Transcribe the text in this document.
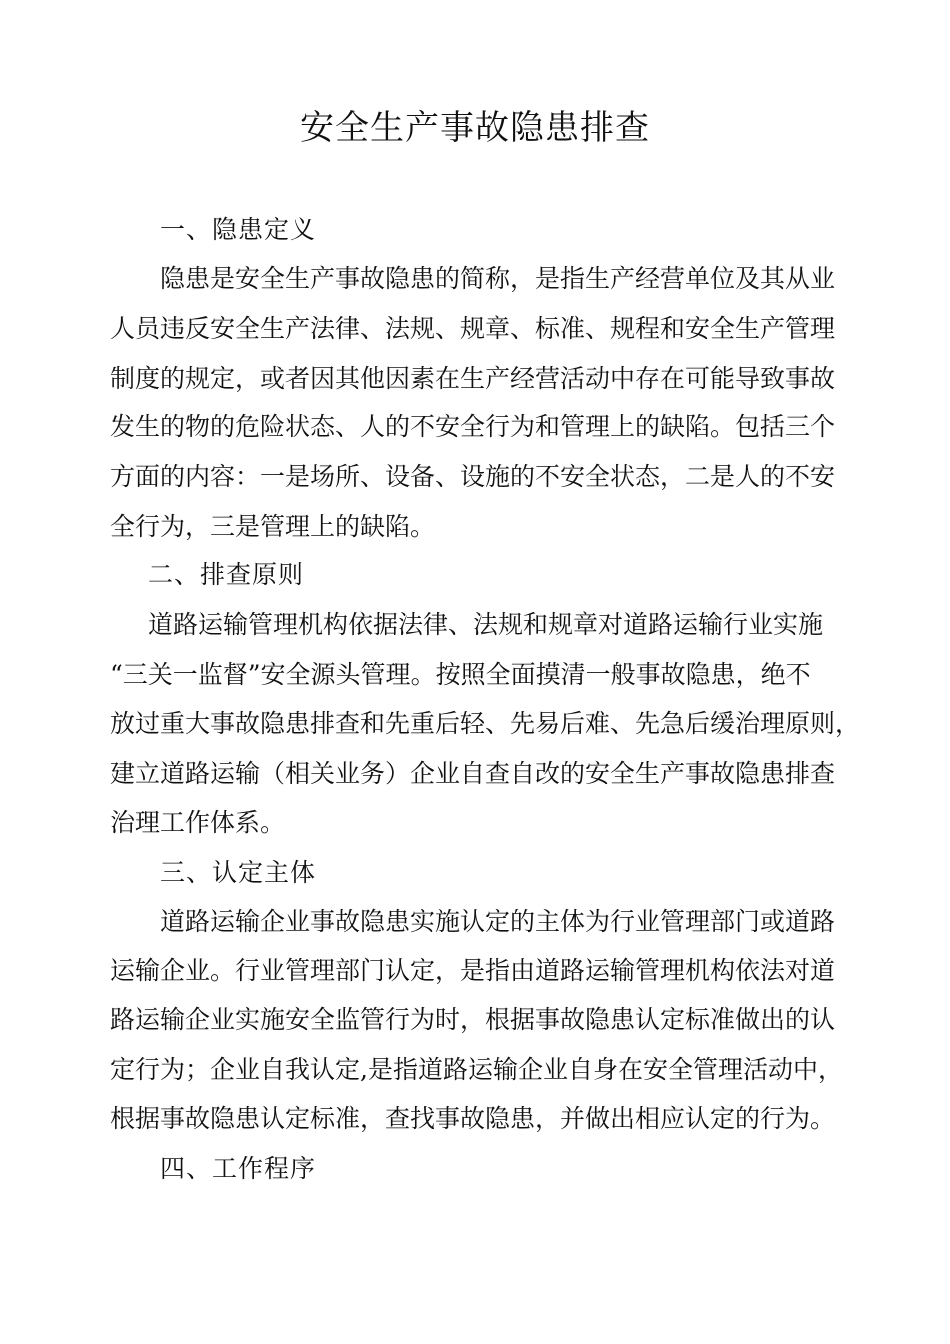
安全生产事故隐患排查
一、隐患定义
隐患是安全生产事故隐患的简称，是指生产经营单位及其从业
人员违反安全生产法律、法规、规章、标准、规程和安全生产管理
制度的规定，或者因其他因素在生产经营活动中存在可能导致事故
发生的物的危险状态、人的不安全行为和管理上的缺陷。包括三个
方面的内容：一是场所、设备、设施的不安全状态，二是人的不安
全行为，三是管理上的缺陷。
二、排查原则
道路运输管理机构依据法律、法规和规章对道路运输行业实施
“三关一监督”安全源头管理。按照全面摸清一般事故隐患，绝不
放过重大事故隐患排查和先重后轻、先易后难、先急后缓治理原则，
建立道路运输（相关业务）企业自查自改的安全生产事故隐患排查
治理工作体系。
三、认定主体
道路运输企业事故隐患实施认定的主体为行业管理部门或道路
运输企业。行业管理部门认定，是指由道路运输管理机构依法对道
路运输企业实施安全监管行为时，根据事故隐患认定标准做出的认
定行为；企业自我认定,是指道路运输企业自身在安全管理活动中，
根据事故隐患认定标准，查找事故隐患，并做出相应认定的行为。
四、工作程序
